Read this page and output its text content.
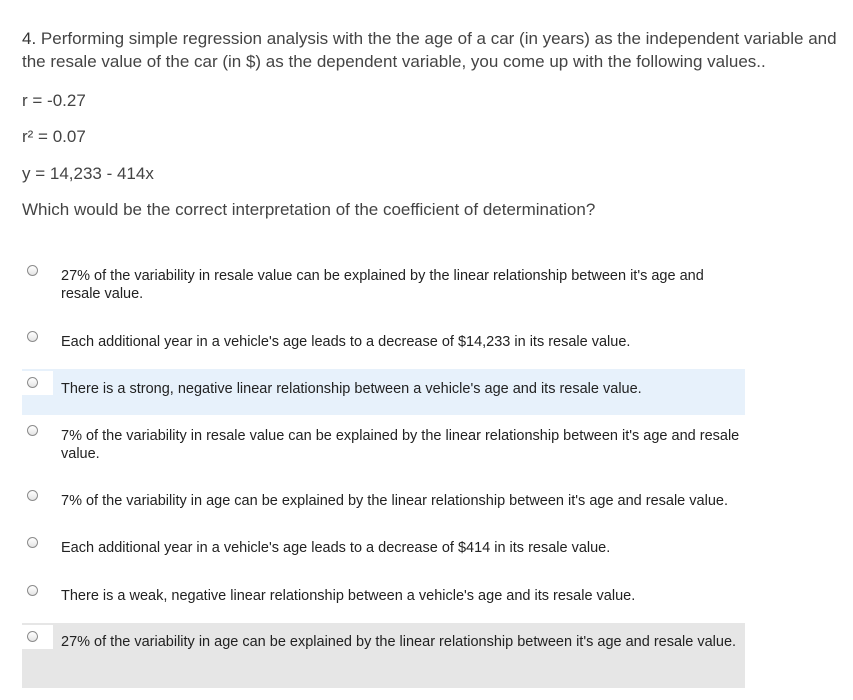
4. Performing simple regression analysis with the the age of a car (in years) as the independent variable and the resale value of the car (in $) as the dependent variable, you come up with the following values..

r = -0.27
r² = 0.07
y = 14,233 - 414x
Which would be the correct interpretation of the coefficient of determination?
27% of the variability in resale value can be explained by the linear relationship between it's age and resale value.
Each additional year in a vehicle's age leads to a decrease of $14,233 in its resale value.
There is a strong, negative linear relationship between a vehicle's age and its resale value.
7% of the variability in resale value can be explained by the linear relationship between it's age and resale value.
7% of the variability in age can be explained by the linear relationship between it's age and resale value.
Each additional year in a vehicle's age leads to a decrease of $414 in its resale value.
There is a weak, negative linear relationship between a vehicle's age and its resale value.
27% of the variability in age can be explained by the linear relationship between it's age and resale value.
